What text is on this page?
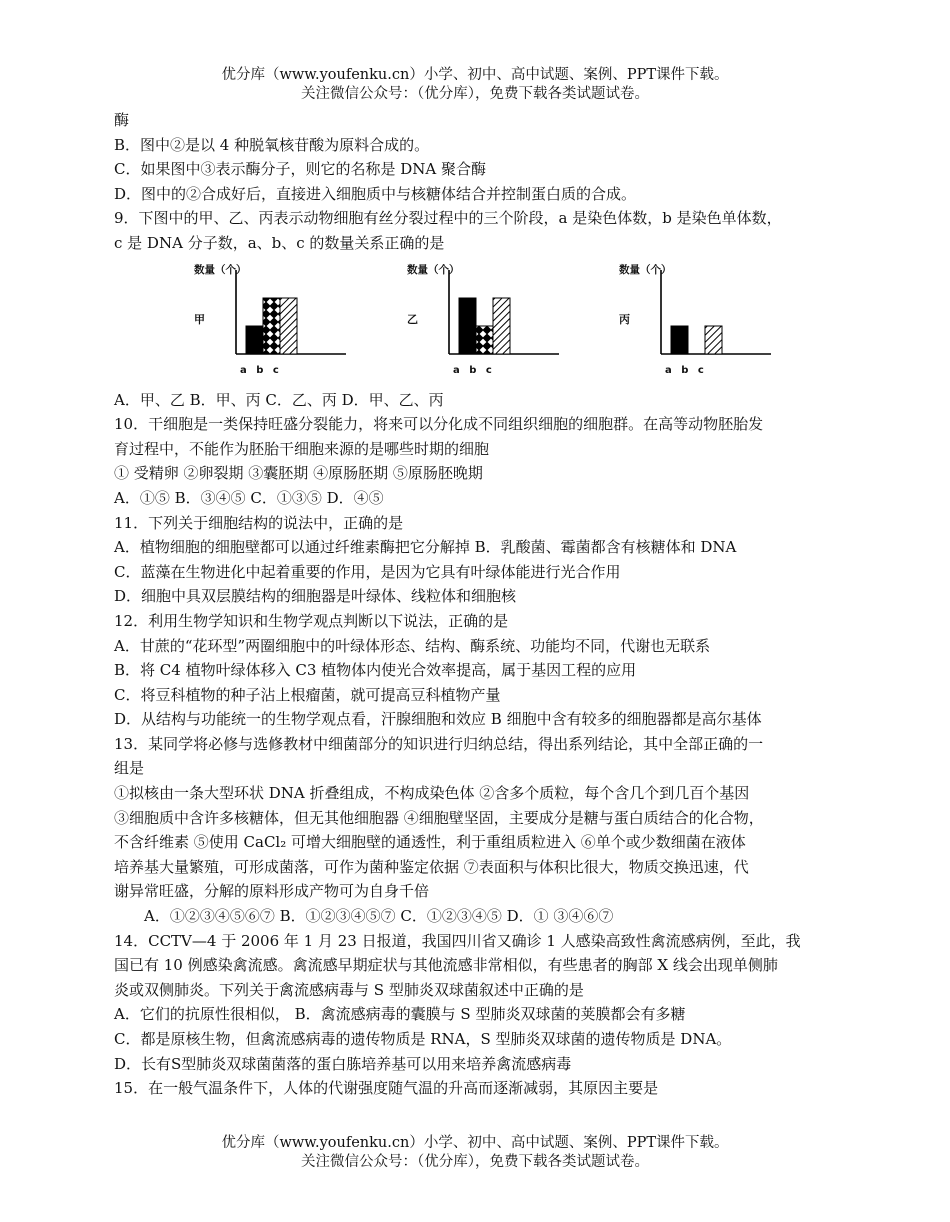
优分库（www.youfenku.cn）小学、初中、高中试题、案例、PPT课件下载。
关注微信公众号：（优分库），免费下载各类试题试卷。
酶
B．图中②是以 4 种脱氧核苷酸为原料合成的。
C．如果图中③表示酶分子，则它的名称是 DNA 聚合酶
D．图中的②合成好后，直接进入细胞质中与核糖体结合并控制蛋白质的合成。
9．下图中的甲、乙、丙表示动物细胞有丝分裂过程中的三个阶段，a 是染色体数，b 是染色单体数，
c 是 DNA 分子数，a、b、c 的数量关系正确的是
数量（个）
甲
a b c
数量（个）
乙
a b c
数量（个）
丙
a b c
A．甲、乙 B．甲、丙 C．乙、丙 D．甲、乙、丙
10．干细胞是一类保持旺盛分裂能力，将来可以分化成不同组织细胞的细胞群。在高等动物胚胎发
育过程中，不能作为胚胎干细胞来源的是哪些时期的细胞
① 受精卵 ②卵裂期 ③囊胚期 ④原肠胚期 ⑤原肠胚晚期
A．①⑤ B．③④⑤ C．①③⑤ D．④⑤
11．下列关于细胞结构的说法中，正确的是
A．植物细胞的细胞壁都可以通过纤维素酶把它分解掉 B．乳酸菌、霉菌都含有核糖体和 DNA
C．蓝藻在生物进化中起着重要的作用，是因为它具有叶绿体能进行光合作用
D．细胞中具双层膜结构的细胞器是叶绿体、线粒体和细胞核
12．利用生物学知识和生物学观点判断以下说法，正确的是
A．甘蔗的“花环型”两圈细胞中的叶绿体形态、结构、酶系统、功能均不同，代谢也无联系
B．将 C4 植物叶绿体移入 C3 植物体内使光合效率提高，属于基因工程的应用
C．将豆科植物的种子沾上根瘤菌，就可提高豆科植物产量
D．从结构与功能统一的生物学观点看，汗腺细胞和效应 B 细胞中含有较多的细胞器都是高尔基体
13．某同学将必修与选修教材中细菌部分的知识进行归纳总结，得出系列结论，其中全部正确的一
组是
①拟核由一条大型环状 DNA 折叠组成，不构成染色体 ②含多个质粒，每个含几个到几百个基因
③细胞质中含许多核糖体，但无其他细胞器 ④细胞壁坚固，主要成分是糖与蛋白质结合的化合物，
不含纤维素 ⑤使用 CaCl₂ 可增大细胞壁的通透性，利于重组质粒进入 ⑥单个或少数细菌在液体
培养基大量繁殖，可形成菌落，可作为菌种鉴定依据 ⑦表面积与体积比很大，物质交换迅速，代
谢异常旺盛，分解的原料形成产物可为自身千倍
A．①②③④⑤⑥⑦ B．①②③④⑤⑦ C．①②③④⑤ D．① ③④⑥⑦
14．CCTV—4 于 2006 年 1 月 23 日报道，我国四川省又确诊 1 人感染高致性禽流感病例，至此，我
国已有 10 例感染禽流感。禽流感早期症状与其他流感非常相似，有些患者的胸部 X 线会出现单侧肺
炎或双侧肺炎。下列关于禽流感病毒与 S 型肺炎双球菌叙述中正确的是
A．它们的抗原性很相似， B．禽流感病毒的囊膜与 S 型肺炎双球菌的荚膜都会有多糖
C．都是原核生物，但禽流感病毒的遗传物质是 RNA，S 型肺炎双球菌的遗传物质是 DNA。
D．长有S型肺炎双球菌菌落的蛋白胨培养基可以用来培养禽流感病毒
15．在一般气温条件下，人体的代谢强度随气温的升高而逐渐减弱，其原因主要是
优分库（www.youfenku.cn）小学、初中、高中试题、案例、PPT课件下载。
关注微信公众号：（优分库），免费下载各类试题试卷。
